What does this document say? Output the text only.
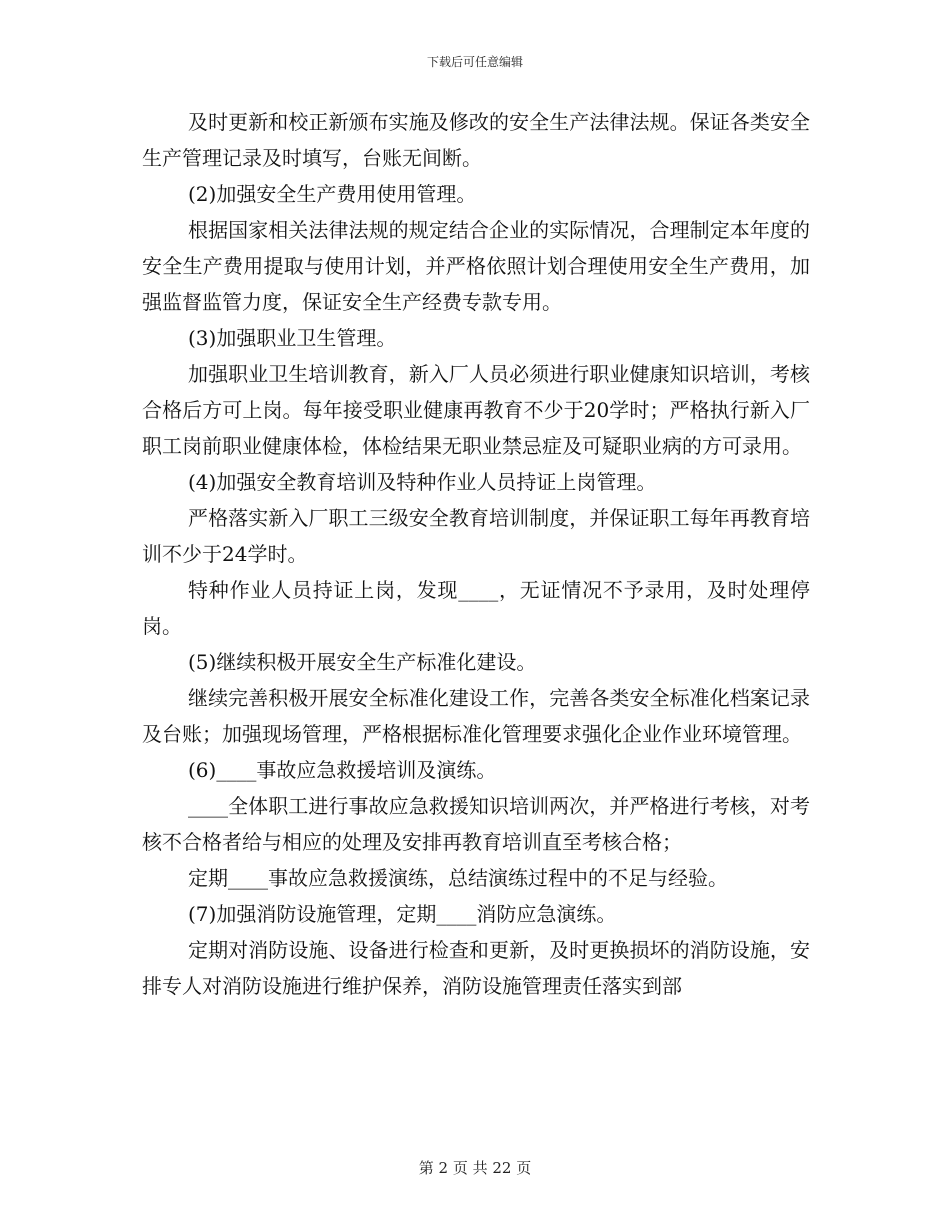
下载后可任意编辑

及时更新和校正新颁布实施及修改的安全生产法律法规。保证各类安全生产管理记录及时填写，台账无间断。

(2)加强安全生产费用使用管理。

根据国家相关法律法规的规定结合企业的实际情况，合理制定本年度的安全生产费用提取与使用计划，并严格依照计划合理使用安全生产费用，加强监督监管力度，保证安全生产经费专款专用。

(3)加强职业卫生管理。

加强职业卫生培训教育，新入厂人员必须进行职业健康知识培训，考核合格后方可上岗。每年接受职业健康再教育不少于20学时；严格执行新入厂职工岗前职业健康体检，体检结果无职业禁忌症及可疑职业病的方可录用。

(4)加强安全教育培训及特种作业人员持证上岗管理。

严格落实新入厂职工三级安全教育培训制度，并保证职工每年再教育培训不少于24学时。

特种作业人员持证上岗，发现____，无证情况不予录用，及时处理停岗。

(5)继续积极开展安全生产标准化建设。

继续完善积极开展安全标准化建设工作，完善各类安全标准化档案记录及台账；加强现场管理，严格根据标准化管理要求强化企业作业环境管理。

(6)____事故应急救援培训及演练。

____全体职工进行事故应急救援知识培训两次，并严格进行考核，对考核不合格者给与相应的处理及安排再教育培训直至考核合格；

定期____事故应急救援演练，总结演练过程中的不足与经验。

(7)加强消防设施管理，定期____消防应急演练。

定期对消防设施、设备进行检查和更新，及时更换损坏的消防设施，安排专人对消防设施进行维护保养，消防设施管理责任落实到部

第 2 页 共 22 页
